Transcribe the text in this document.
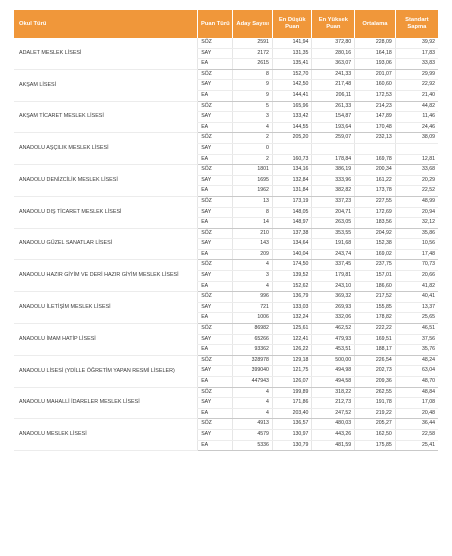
Okul Türü	Puan Türü	Aday Sayısı	En Düşük Puan	En Yüksek Puan	Ortalama	Standart Sapma
ADALET MESLEK LİSESİ	SÖZ	2591	141,94	372,80	228,09	39,92
	SAY	2172	131,35	280,16	164,18	17,83
	EA	2615	135,41	363,07	193,06	33,83
AKŞAM LİSESİ	SÖZ	8	152,70	241,33	201,07	29,99
	SAY	9	142,50	217,48	160,60	22,92
	EA	9	144,41	206,11	172,53	21,40
AKŞAM TİCARET MESLEK LİSESİ	SÖZ	5	165,96	261,33	214,23	44,82
	SAY	3	133,42	154,87	147,89	11,46
	EA	4	144,55	193,64	170,48	24,46
ANADOLU AŞÇILIK MESLEK LİSESİ	SÖZ	2	205,20	259,07	232,13	38,09
	SAY	0				
	EA	2	160,73	178,84	169,78	12,81
ANADOLU DENİZCİLİK MESLEK LİSESİ	SÖZ	1801	134,16	386,19	200,34	33,68
	SAY	1695	132,84	333,96	161,22	20,29
	EA	1962	131,84	382,82	173,78	22,52
ANADOLU DIŞ TİCARET MESLEK LİSESİ	SÖZ	13	173,19	337,23	227,55	48,99
	SAY	8	148,05	204,71	172,69	20,94
	EA	14	148,97	263,05	183,56	32,12
ANADOLU GÜZEL SANATLAR LİSESİ	SÖZ	210	137,38	353,55	204,92	35,86
	SAY	143	134,64	191,68	152,38	10,56
	EA	209	140,04	243,74	169,02	17,48
ANADOLU HAZIR GİYİM VE DERİ HAZIR GİYİM MESLEK LİSESİ	SÖZ	4	174,50	337,45	237,75	70,73
	SAY	3	139,52	179,81	157,01	20,66
	EA	4	152,62	243,10	186,60	41,82
ANADOLU İLETİŞİM MESLEK LİSESİ	SÖZ	996	136,79	369,32	217,52	40,41
	SAY	721	133,03	269,93	155,85	13,37
	EA	1006	132,24	332,06	178,82	25,65
ANADOLU İMAM HATİP LİSESİ	SÖZ	86982	125,61	462,52	222,22	46,51
	SAY	65266	122,41	479,93	169,51	37,56
	EA	93362	126,22	453,51	188,17	35,76
ANADOLU LİSESİ (YDİLLE ÖĞRETİM YAPAN RESMİ LİSELER)	SÖZ	328978	129,18	500,00	226,54	48,24
	SAY	399040	121,75	494,98	202,73	63,04
	EA	447943	126,07	494,58	209,36	48,70
ANADOLU MAHALLİ İDARELER MESLEK LİSESİ	SÖZ	4	199,89	318,22	262,55	48,84
	SAY	4	171,86	212,73	191,78	17,08
	EA	4	203,40	247,52	219,22	20,48
ANADOLU MESLEK LİSESİ	SÖZ	4913	136,57	480,03	205,27	36,44
	SAY	4579	130,97	443,26	162,50	22,58
	EA	5336	130,79	481,59	175,85	25,41
